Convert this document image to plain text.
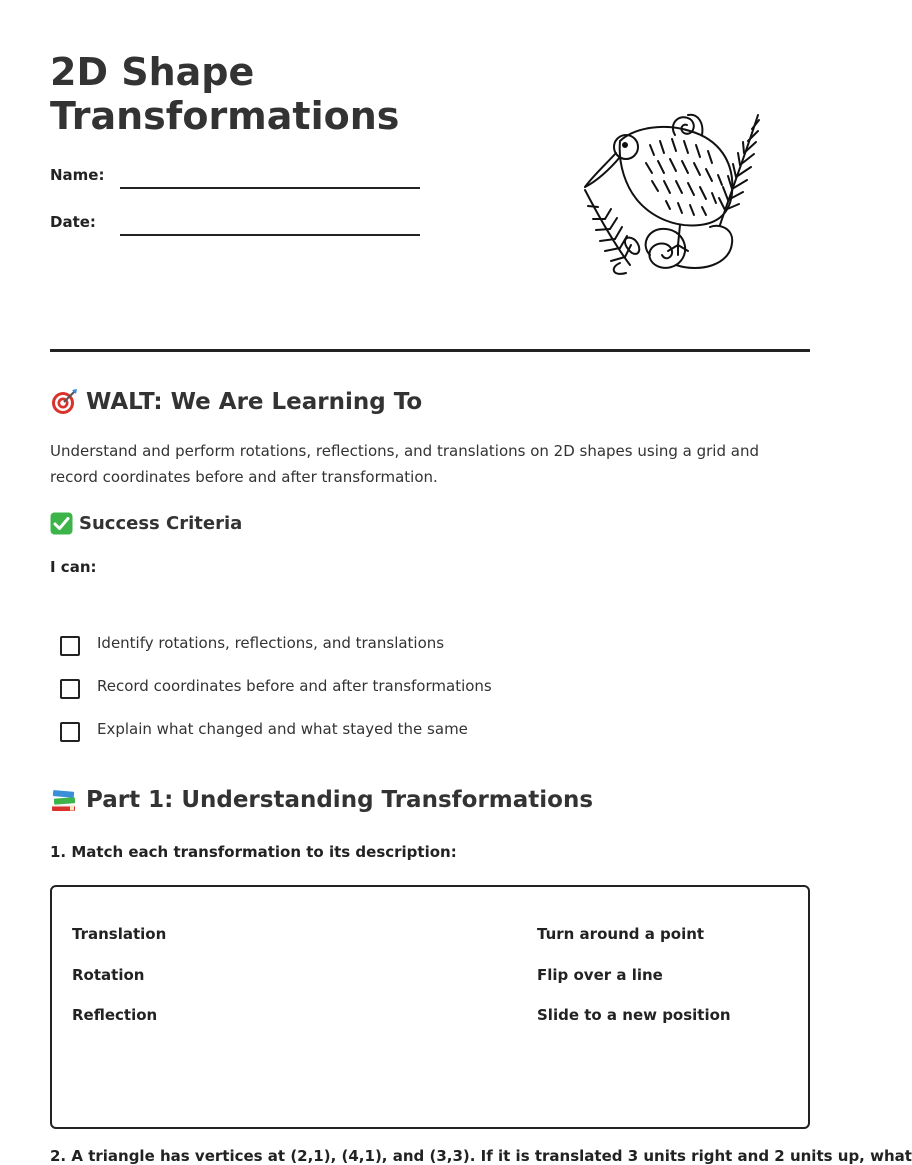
2D Shape
Transformations
Name:
Date:
WALT: We Are Learning To

Understand and perform rotations, reflections, and translations on 2D shapes using a grid and record coordinates before and after transformation.

Success Criteria
I can:
Identify rotations, reflections, and translations
Record coordinates before and after transformations
Explain what changed and what stayed the same
Part 1: Understanding Transformations
1. Match each transformation to its description:
Translation
Rotation
Reflection
Turn around a point
Flip over a line
Slide to a new position
2. A triangle has vertices at (2,1), (4,1), and (3,3). If it is translated 3 units right and 2 units up, what
